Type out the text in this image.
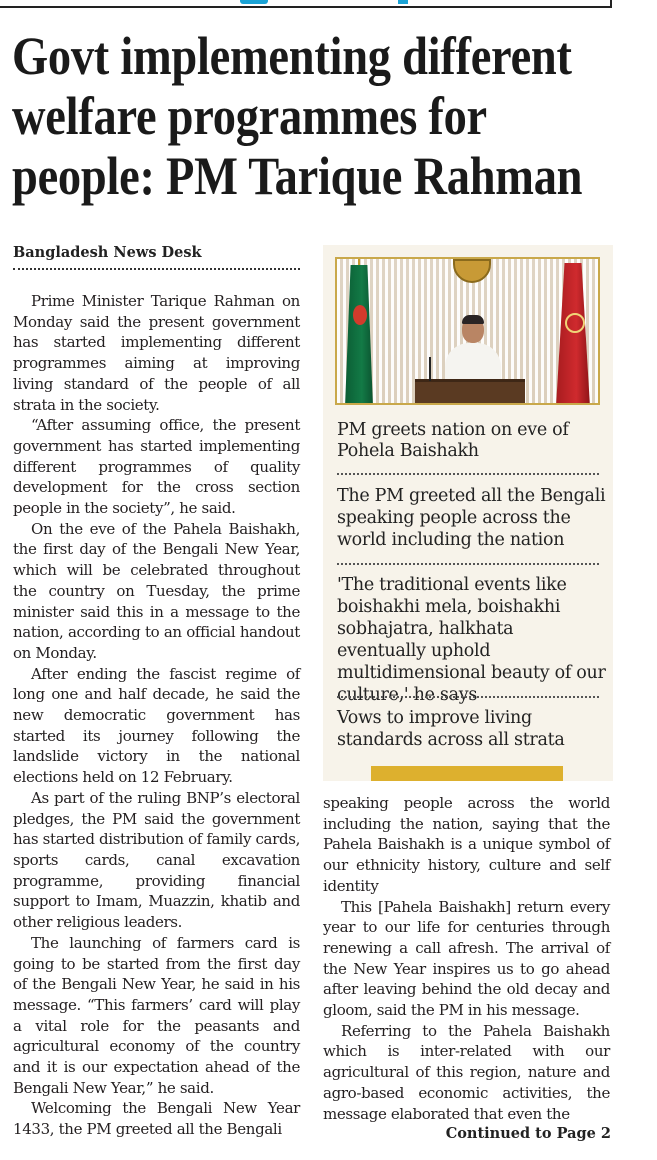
Govt implementing different
welfare programmes for
people: PM Tarique Rahman
Bangladesh News Desk

Prime Minister Tarique Rahman on Monday said the present government has started implementing different programmes aiming at improving living standard of the people of all strata in the society.

“After assuming office, the present government has started implementing different programmes of quality development for the cross section people in the society”, he said.

On the eve of the Pahela Baishakh, the first day of the Bengali New Year, which will be celebrated throughout the country on Tuesday, the prime minister said this in a message to the nation, according to an official handout on Monday.

After ending the fascist regime of long one and half decade, he said the new democratic government has started its journey following the landslide victory in the national elections held on 12 February.

As part of the ruling BNP’s electoral pledges, the PM said the government has started distribution of family cards, sports cards, canal excavation programme, providing financial support to Imam, Muazzin, khatib and other religious leaders.

The launching of farmers card is going to be started from the first day of the Bengali New Year, he said in his message. “This farmers’ card will play a vital role for the peasants and agricultural economy of the country and it is our expectation ahead of the Bengali New Year,” he said.

Welcoming the Bengali New Year 1433, the PM greeted all the Bengali

PM greets nation on eve of Pohela Baishakh
The PM greeted all the Bengali speaking people across the world including the nation
'The traditional events like boishakhi mela, boishakhi sobhajatra, halkhata eventually uphold multidimensional beauty of our culture,' he says
Vows to improve living standards across all strata

speaking people across the world including the nation, saying that the Pahela Baishakh is a unique symbol of our ethnicity history, culture and self identity

This [Pahela Baishakh] return every year to our life for centuries through renewing a call afresh. The arrival of the New Year inspires us to go ahead after leaving behind the old decay and gloom, said the PM in his message.

Referring to the Pahela Baishakh which is inter-related with our agricultural of this region, nature and agro-based economic activities, the message elaborated that even the

Continued to Page 2
